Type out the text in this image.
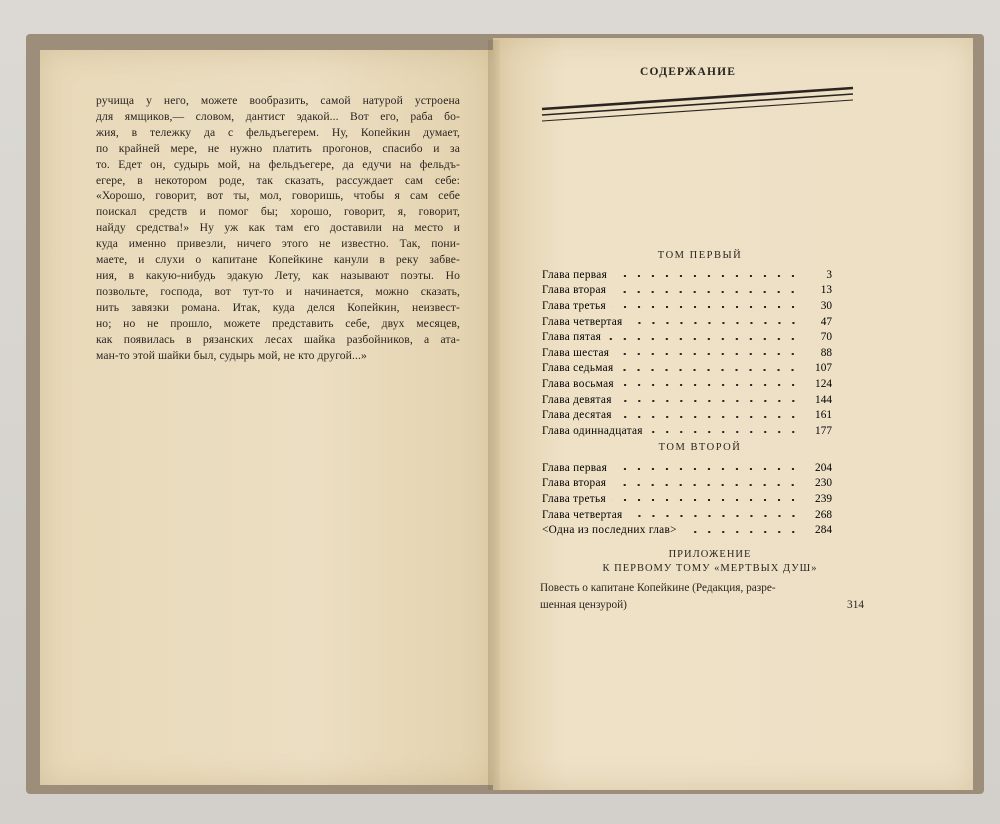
ручища у него, можете вообразить, самой натурой устроена
для ямщиков,— словом, дантист эдакой... Вот его, раба бо-
жия, в тележку да с фельдъегерем. Ну, Копейкин думает,
по крайней мере, не нужно платить прогонов, спасибо и за
то. Едет он, судырь мой, на фельдъегере, да едучи на фельдъ-
егере, в некотором роде, так сказать, рассуждает сам себе:
«Хорошо, говорит, вот ты, мол, говоришь, чтобы я сам себе
поискал средств и помог бы; хорошо, говорит, я, говорит,
найду средства!» Ну уж как там его доставили на место и
куда именно привезли, ничего этого не известно. Так, пони-
маете, и слухи о капитане Копейкине канули в реку забве-
ния, в какую-нибудь эдакую Лету, как называют поэты. Но
позвольте, господа, вот тут-то и начинается, можно сказать,
нить завязки романа. Итак, куда делся Копейкин, неизвест-
но; но не прошло, можете представить себе, двух месяцев,
как появилась в рязанских лесах шайка разбойников, а ата-
ман-то этой шайки был, судырь мой, не кто другой...»
СОДЕРЖАНИЕ
ТОМ ПЕРВЫЙ
Глава первая	3
Глава вторая	13
Глава третья	30
Глава четвертая	47
Глава пятая	70
Глава шестая	88
Глава седьмая	107
Глава восьмая	124
Глава девятая	144
Глава десятая	161
Глава одиннадцатая	177
ТОМ ВТОРОЙ
Глава первая	204
Глава вторая	230
Глава третья	239
Глава четвертая	268
<Одна из последних глав>	284
ПРИЛОЖЕНИЕ
К ПЕРВОМУ ТОМУ «МЕРТВЫХ ДУШ»
Повесть о капитане Копейкине (Редакция, разре-
шенная цензурой)	314
